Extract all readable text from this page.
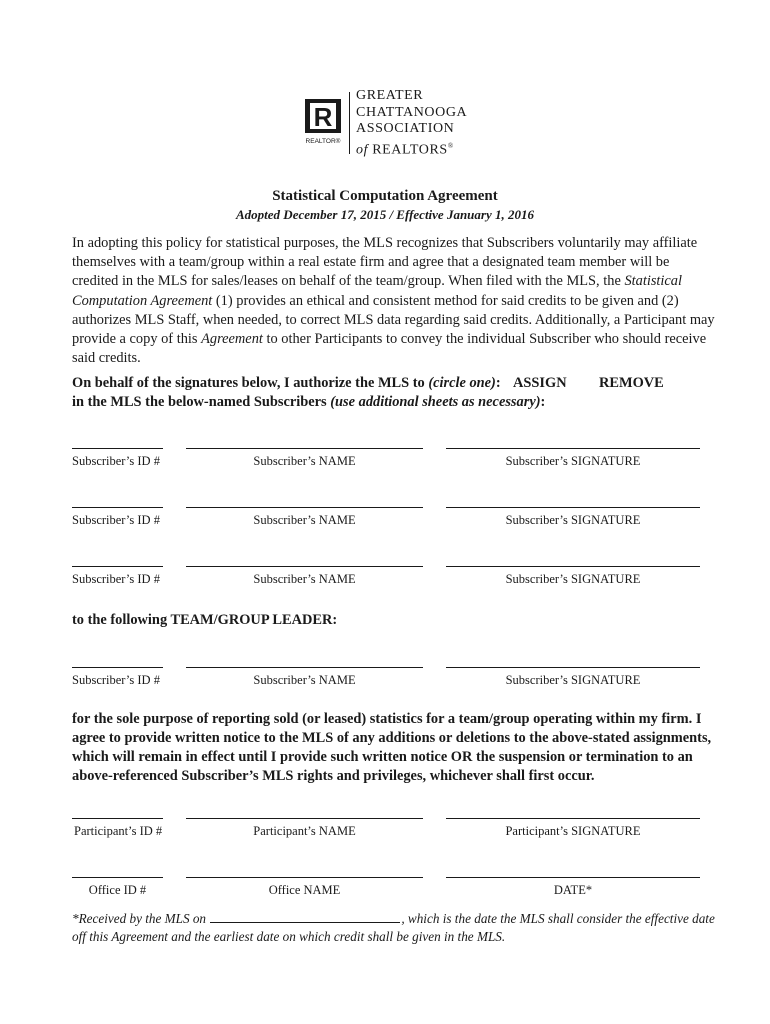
R
REALTOR®
GREATER
CHATTANOOGA
ASSOCIATION
of REALTORS®
Statistical Computation Agreement
Adopted December 17, 2015 / Effective January 1, 2016
In adopting this policy for statistical purposes, the MLS recognizes that Subscribers voluntarily may affiliate
themselves with a team/group within a real estate firm and agree that a designated team member will be
credited in the MLS for sales/leases on behalf of the team/group. When filed with the MLS, the Statistical
Computation Agreement (1) provides an ethical and consistent method for said credits to be given and (2)
authorizes MLS Staff, when needed, to correct MLS data regarding said credits. Additionally, a Participant may
provide a copy of this Agreement to other Participants to convey the individual Subscriber who should receive
said credits.
On behalf of the signatures below, I authorize the MLS to (circle one): ASSIGN REMOVE
in the MLS the below-named Subscribers (use additional sheets as necessary):
Subscriber’s ID #	Subscriber’s NAME	Subscriber’s SIGNATURE
Subscriber’s ID #	Subscriber’s NAME	Subscriber’s SIGNATURE
Subscriber’s ID #	Subscriber’s NAME	Subscriber’s SIGNATURE
to the following TEAM/GROUP LEADER:
Subscriber’s ID #	Subscriber’s NAME	Subscriber’s SIGNATURE
for the sole purpose of reporting sold (or leased) statistics for a team/group operating within my firm. I
agree to provide written notice to the MLS of any additions or deletions to the above-stated assignments,
which will remain in effect until I provide such written notice OR the suspension or termination to an
above-referenced Subscriber’s MLS rights and privileges, whichever shall first occur.
Participant’s ID #	Participant’s NAME	Participant’s SIGNATURE
Office ID #	Office NAME	DATE*
*Received by the MLS on	, which is the date the MLS shall consider the effective date
off this Agreement and the earliest date on which credit shall be given in the MLS.
